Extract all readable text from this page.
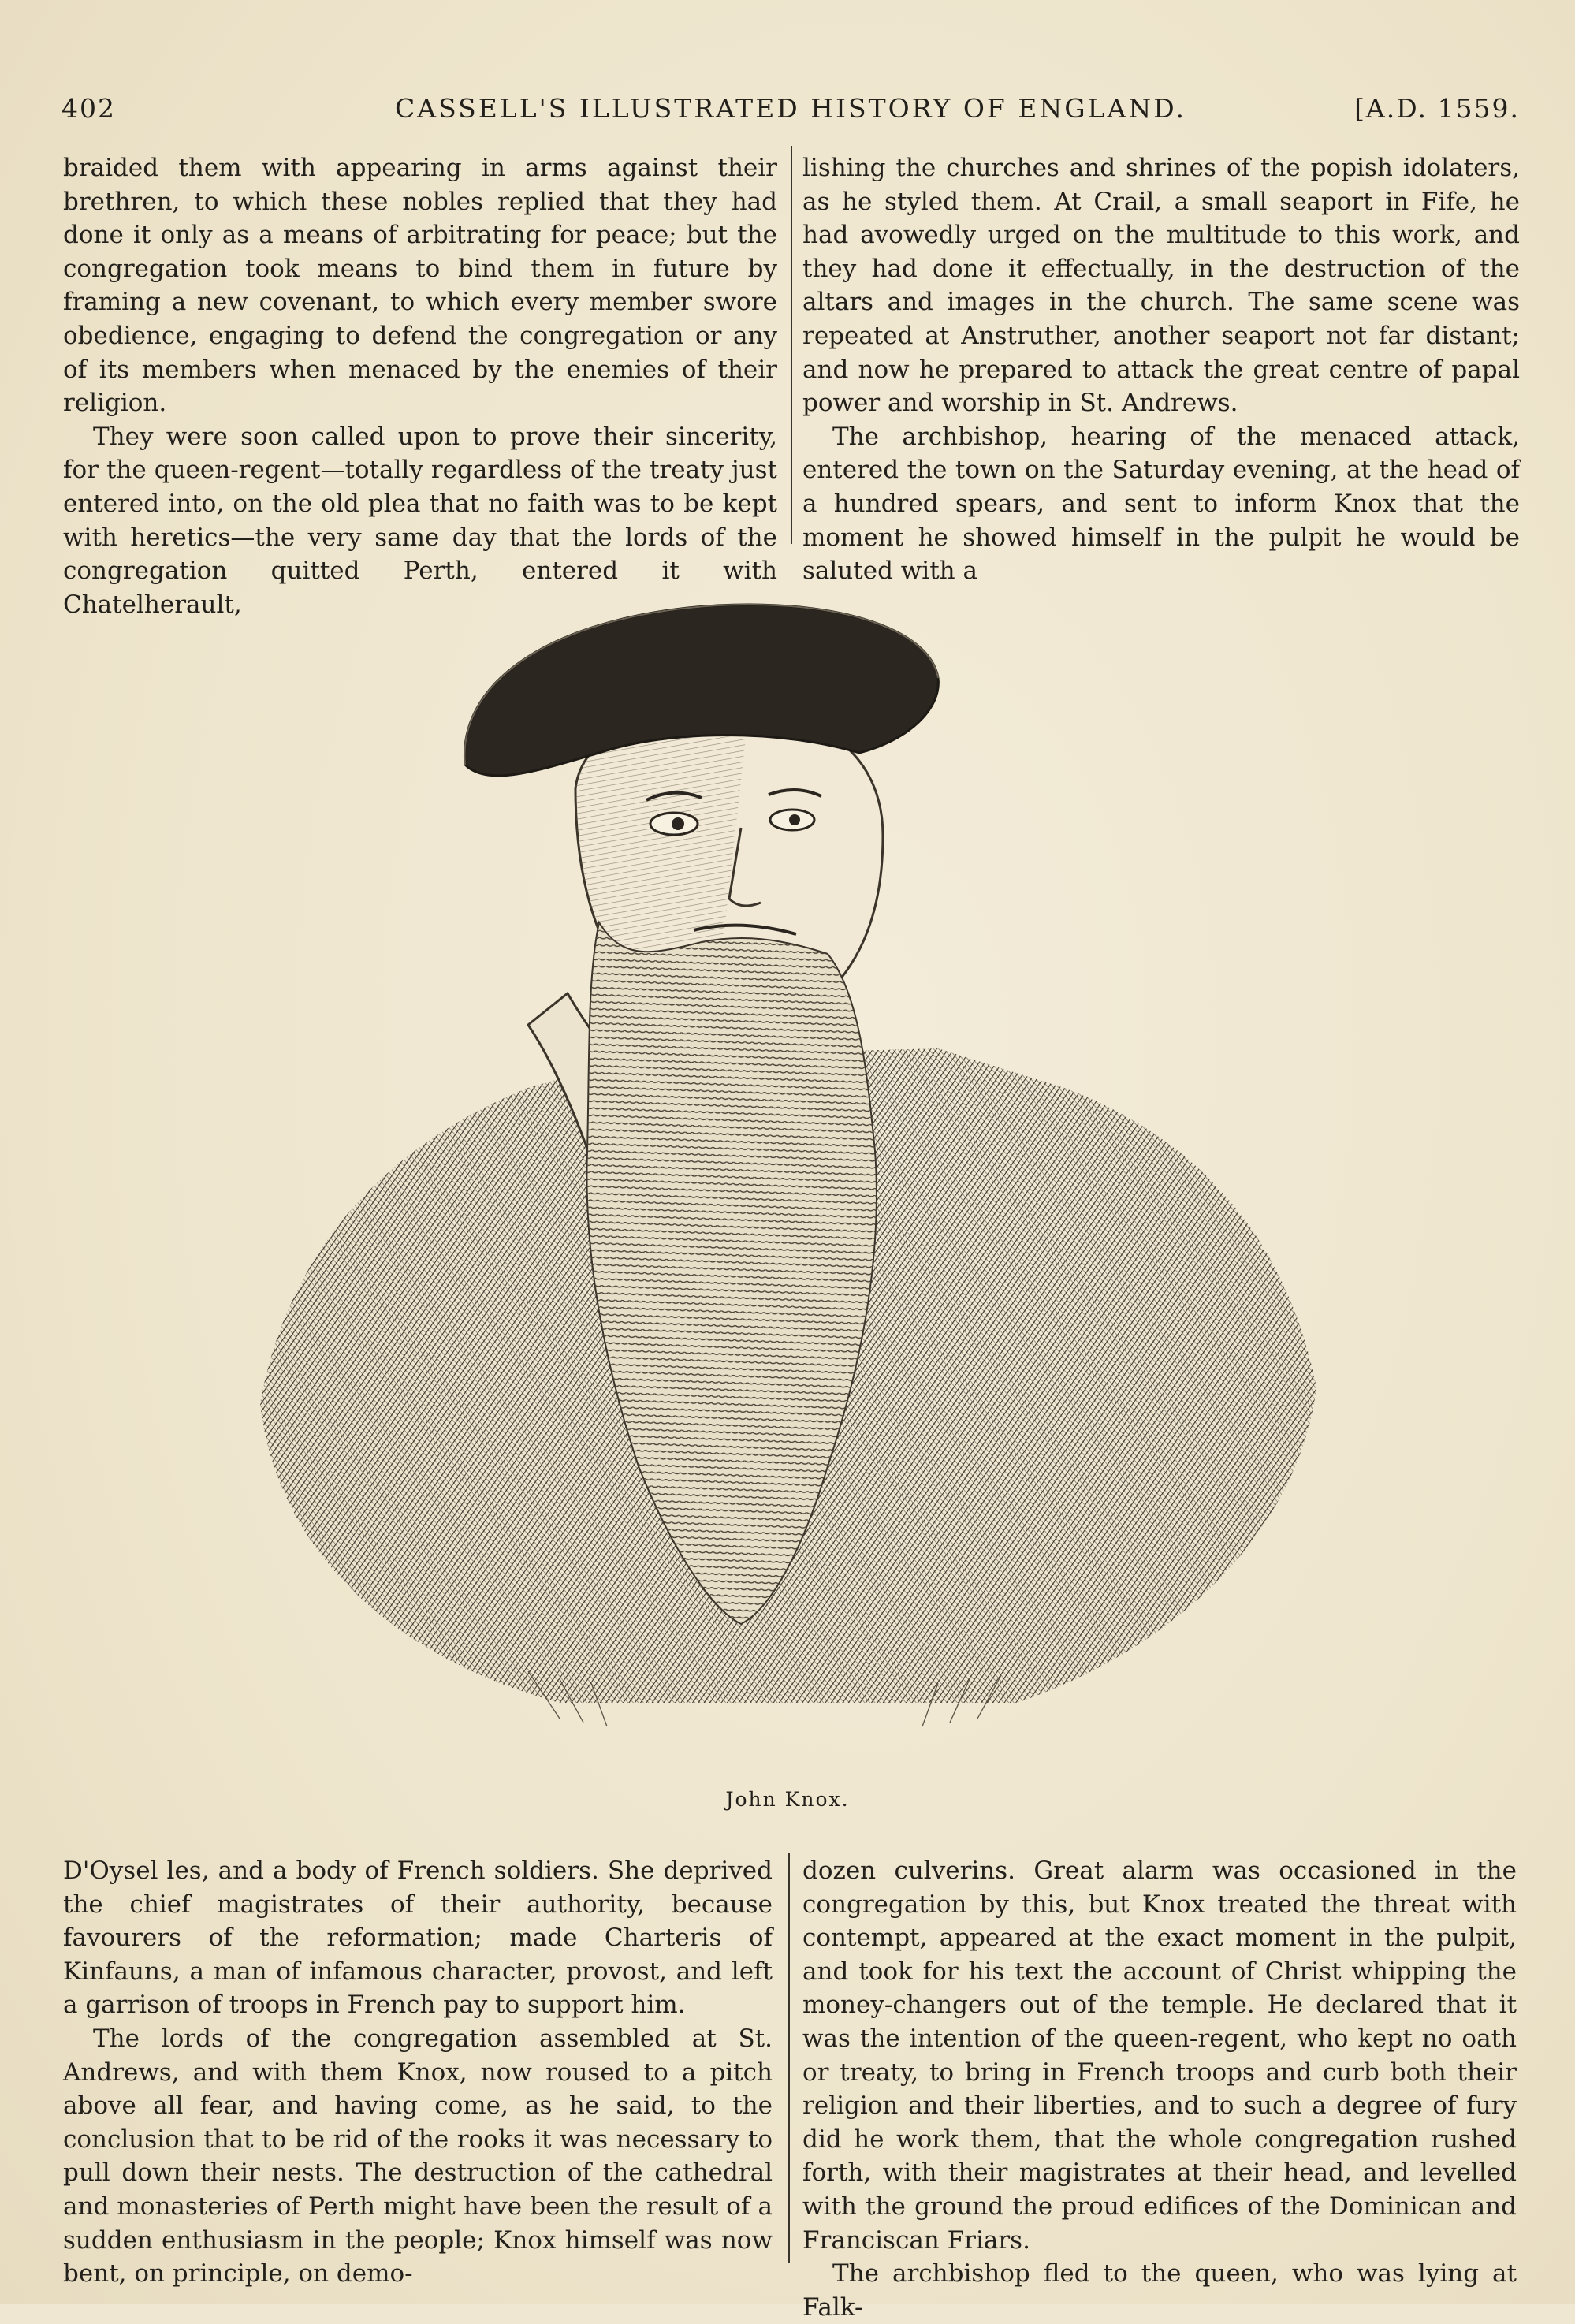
402	CASSELL'S ILLUSTRATED HISTORY OF ENGLAND.	[A.D. 1559.

braided them with appearing in arms against their brethren, to which these nobles replied that they had done it only as a means of arbitrating for peace; but the congregation took means to bind them in future by framing a new covenant, to which every member swore obedience, engaging to defend the congregation or any of its members when menaced by the enemies of their religion.

They were soon called upon to prove their sincerity, for the queen-regent—totally regardless of the treaty just entered into, on the old plea that no faith was to be kept with heretics—the very same day that the lords of the congregation quitted Perth, entered it with Chatelherault,

lishing the churches and shrines of the popish idolaters, as he styled them. At Crail, a small seaport in Fife, he had avowedly urged on the multitude to this work, and they had done it effectually, in the destruction of the altars and images in the church. The same scene was repeated at Anstruther, another seaport not far distant; and now he prepared to attack the great centre of papal power and worship in St. Andrews.

The archbishop, hearing of the menaced attack, entered the town on the Saturday evening, at the head of a hundred spears, and sent to inform Knox that the moment he showed himself in the pulpit he would be saluted with a

John Knox.

D'Oysel les, and a body of French soldiers. She deprived the chief magistrates of their authority, because favourers of the reformation; made Charteris of Kinfauns, a man of infamous character, provost, and left a garrison of troops in French pay to support him.

The lords of the congregation assembled at St. Andrews, and with them Knox, now roused to a pitch above all fear, and having come, as he said, to the conclusion that to be rid of the rooks it was necessary to pull down their nests. The destruction of the cathedral and monasteries of Perth might have been the result of a sudden enthusiasm in the people; Knox himself was now bent, on principle, on demo-

dozen culverins. Great alarm was occasioned in the congregation by this, but Knox treated the threat with contempt, appeared at the exact moment in the pulpit, and took for his text the account of Christ whipping the money-changers out of the temple. He declared that it was the intention of the queen-regent, who kept no oath or treaty, to bring in French troops and curb both their religion and their liberties, and to such a degree of fury did he work them, that the whole congregation rushed forth, with their magistrates at their head, and levelled with the ground the proud edifices of the Dominican and Franciscan Friars.

The archbishop fled to the queen, who was lying at Falk-
